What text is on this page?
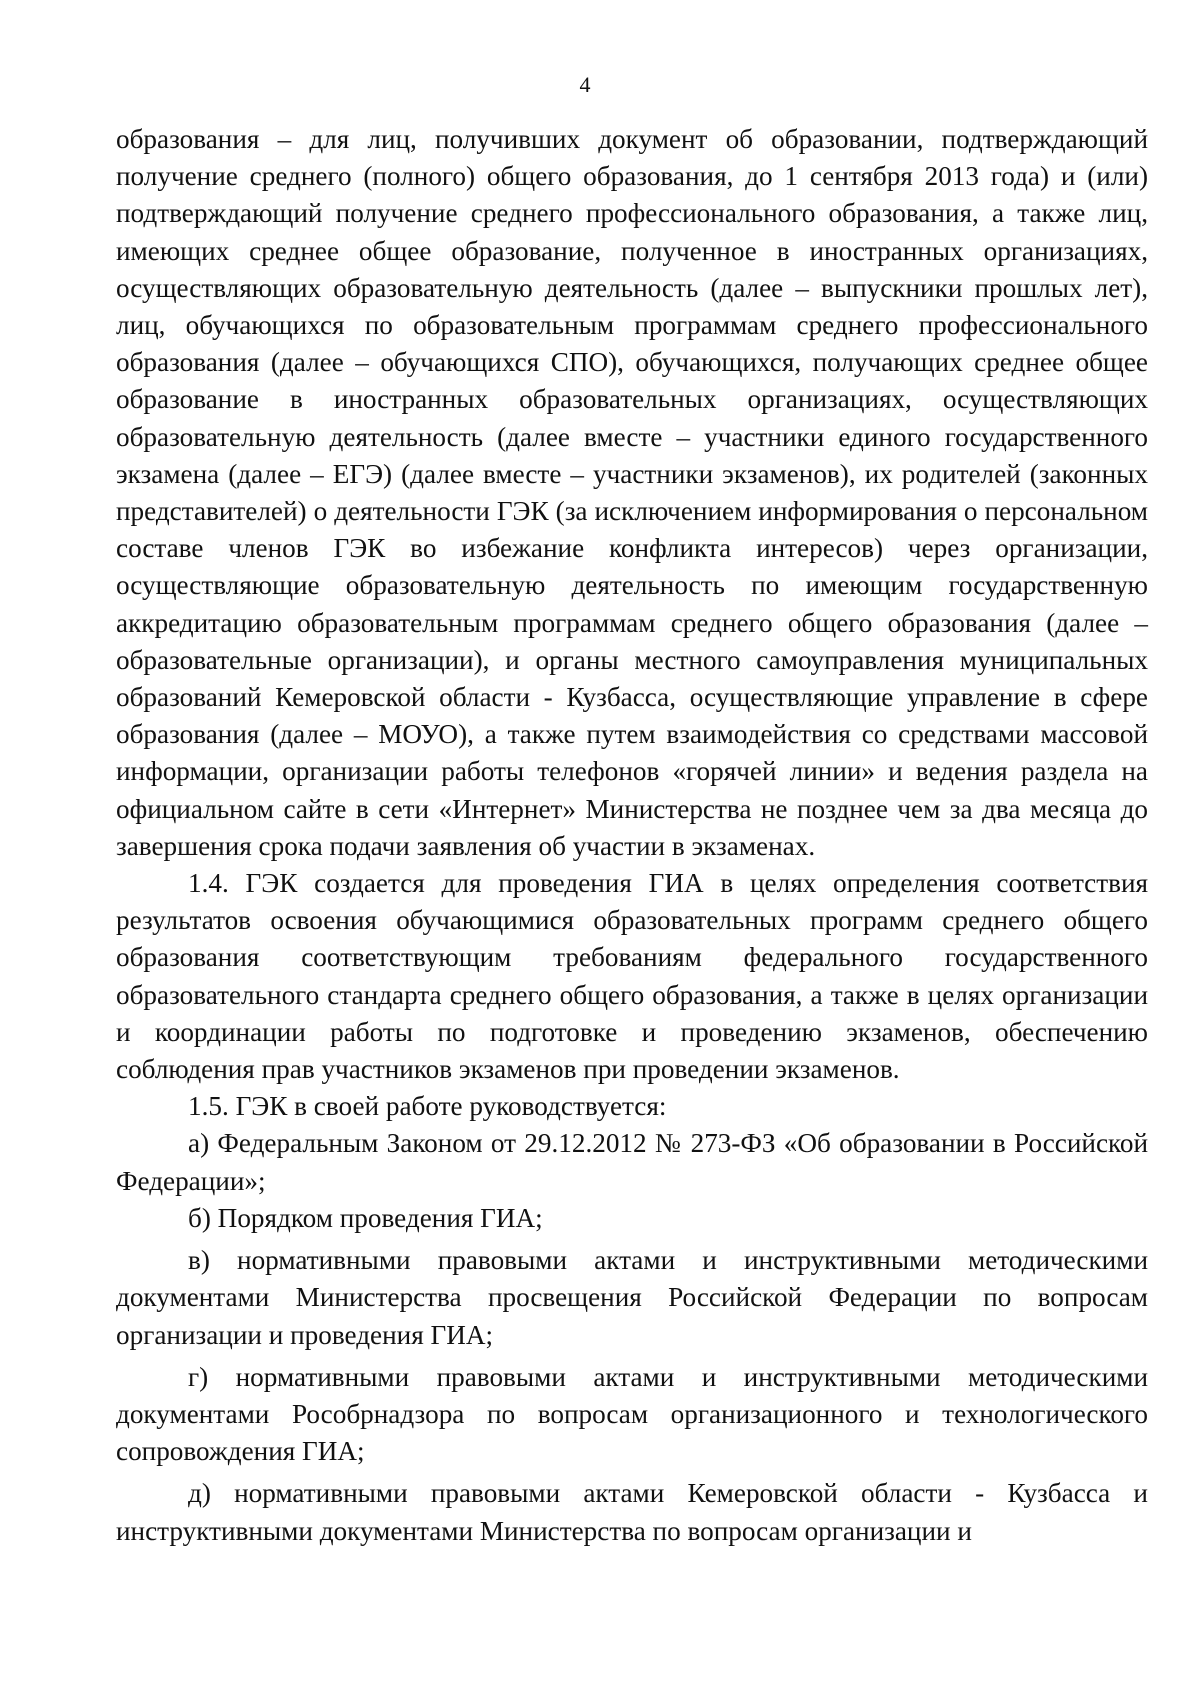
4

образования – для лиц, получивших документ об образовании, подтверждающий получение среднего (полного) общего образования, до 1 сентября 2013 года) и (или) подтверждающий получение среднего профессионального образования, а также лиц, имеющих среднее общее образование, полученное в иностранных организациях, осуществляющих образовательную деятельность (далее – выпускники прошлых лет), лиц, обучающихся по образовательным программам среднего профессионального образования (далее – обучающихся СПО), обучающихся, получающих среднее общее образование в иностранных образовательных организациях, осуществляющих образовательную деятельность (далее вместе – участники единого государственного экзамена (далее – ЕГЭ) (далее вместе – участники экзаменов), их родителей (законных представителей) о деятельности ГЭК (за исключением информирования о персональном составе членов ГЭК во избежание конфликта интересов) через организации, осуществляющие образовательную деятельность по имеющим государственную аккредитацию образовательным программам среднего общего образования (далее – образовательные организации), и органы местного самоуправления муниципальных образований Кемеровской области - Кузбасса, осуществляющие управление в сфере образования (далее – МОУО), а также путем взаимодействия со средствами массовой информации, организации работы телефонов «горячей линии» и ведения раздела на официальном сайте в сети «Интернет» Министерства не позднее чем за два месяца до завершения срока подачи заявления об участии в экзаменах.

1.4. ГЭК создается для проведения ГИА в целях определения соответствия результатов освоения обучающимися образовательных программ среднего общего образования соответствующим требованиям федерального государственного образовательного стандарта среднего общего образования, а также в целях организации и координации работы по подготовке и проведению экзаменов, обеспечению соблюдения прав участников экзаменов при проведении экзаменов.

1.5. ГЭК в своей работе руководствуется:

а) Федеральным Законом от 29.12.2012 № 273-ФЗ «Об образовании в Российской Федерации»;

б) Порядком проведения ГИА;

в) нормативными правовыми актами и инструктивными методическими документами Министерства просвещения Российской Федерации по вопросам организации и проведения ГИА;

г) нормативными правовыми актами и инструктивными методическими документами Рособрнадзора по вопросам организационного и технологического сопровождения ГИА;

д) нормативными правовыми актами Кемеровской области - Кузбасса и инструктивными документами Министерства по вопросам организации и
